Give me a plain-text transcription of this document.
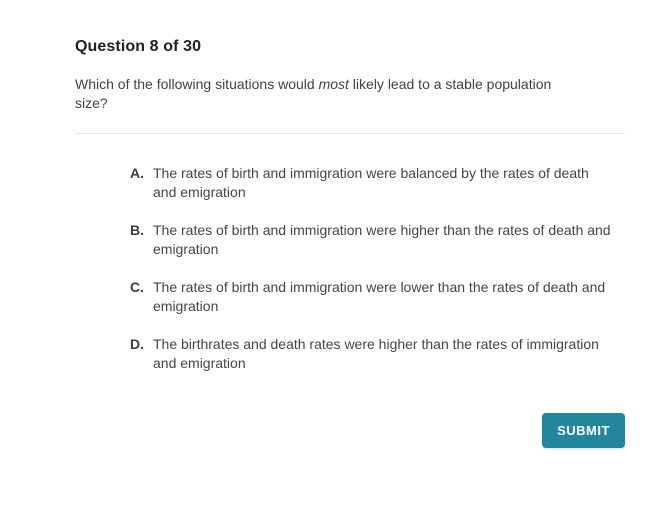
Question 8 of 30
Which of the following situations would most likely lead to a stable population size?
A. The rates of birth and immigration were balanced by the rates of death and emigration
B. The rates of birth and immigration were higher than the rates of death and emigration
C. The rates of birth and immigration were lower than the rates of death and emigration
D. The birthrates and death rates were higher than the rates of immigration and emigration
SUBMIT
